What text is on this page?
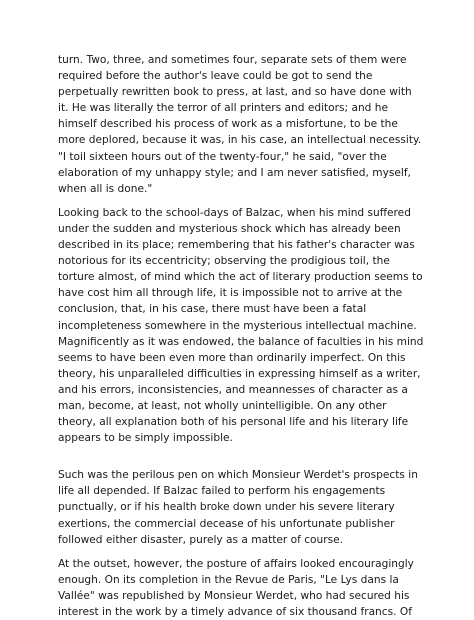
turn. Two, three, and sometimes four, separate sets of them were
required before the author's leave could be got to send the
perpetually rewritten book to press, at last, and so have done with
it. He was literally the terror of all printers and editors; and he
himself described his process of work as a misfortune, to be the
more deplored, because it was, in his case, an intellectual necessity.
"I toil sixteen hours out of the twenty-four," he said, "over the
elaboration of my unhappy style; and I am never satisfied, myself,
when all is done."

Looking back to the school-days of Balzac, when his mind suffered
under the sudden and mysterious shock which has already been
described in its place; remembering that his father's character was
notorious for its eccentricity; observing the prodigious toil, the
torture almost, of mind which the act of literary production seems to
have cost him all through life, it is impossible not to arrive at the
conclusion, that, in his case, there must have been a fatal
incompleteness somewhere in the mysterious intellectual machine.
Magnificently as it was endowed, the balance of faculties in his mind
seems to have been even more than ordinarily imperfect. On this
theory, his unparalleled difficulties in expressing himself as a writer,
and his errors, inconsistencies, and meannesses of character as a
man, become, at least, not wholly unintelligible. On any other
theory, all explanation both of his personal life and his literary life
appears to be simply impossible.

Such was the perilous pen on which Monsieur Werdet's prospects in
life all depended. If Balzac failed to perform his engagements
punctually, or if his health broke down under his severe literary
exertions, the commercial decease of his unfortunate publisher
followed either disaster, purely as a matter of course.

At the outset, however, the posture of affairs looked encouragingly
enough. On its completion in the Revue de Paris, "Le Lys dans la
Vallée" was republished by Monsieur Werdet, who had secured his
interest in the work by a timely advance of six thousand francs. Of
